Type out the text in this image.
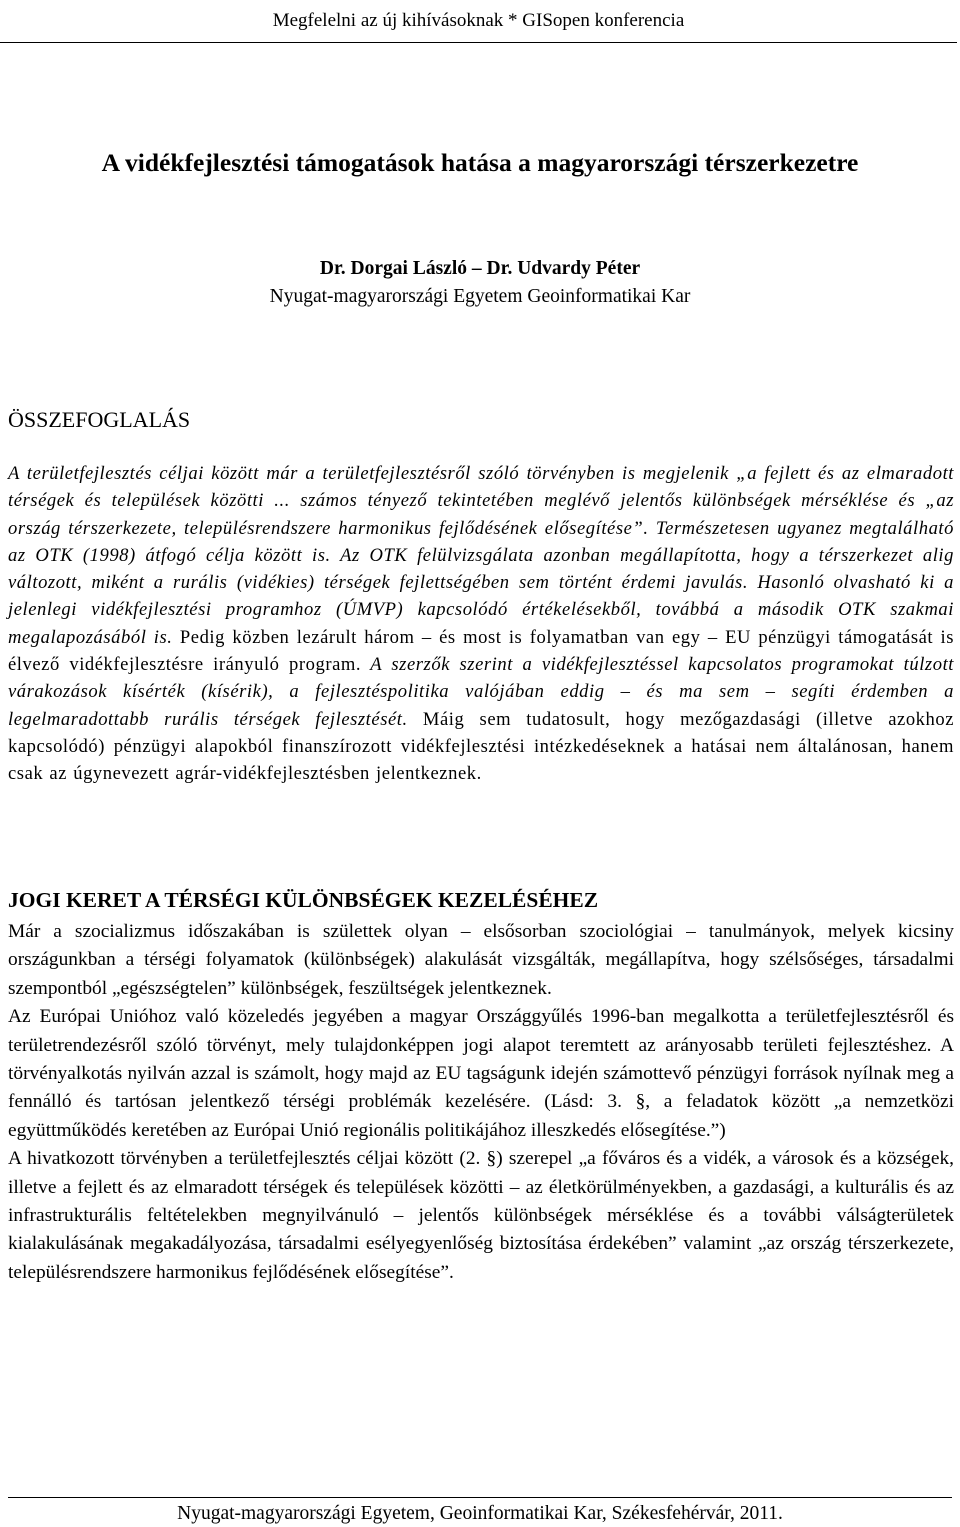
Megfelelni az új kihívásoknak * GISopen konferencia
A vidékfejlesztési támogatások hatása a magyarországi térszerkezetre
Dr. Dorgai László – Dr. Udvardy Péter
Nyugat-magyarországi Egyetem Geoinformatikai Kar
ÖSSZEFOGLALÁS

A területfejlesztés céljai között már a területfejlesztésről szóló törvényben is megjelenik „a fejlett és az elmaradott térségek és települések közötti ... számos tényező tekintetében meglévő jelentős különbségek mérséklése és „az ország térszerkezete, településrendszere harmonikus fejlődésének elősegítése”. Természetesen ugyanez megtalálható az OTK (1998) átfogó célja között is. Az OTK felülvizsgálata azonban megállapította, hogy a térszerkezet alig változott, miként a rurális (vidékies) térségek fejlettségében sem történt érdemi javulás. Hasonló olvasható ki a jelenlegi vidékfejlesztési programhoz (ÚMVP) kapcsolódó értékelésekből, továbbá a második OTK szakmai megalapozásából is. Pedig közben lezárult három – és most is folyamatban van egy – EU pénzügyi támogatását is élvező vidékfejlesztésre irányuló program. A szerzők szerint a vidékfejlesztéssel kapcsolatos programokat túlzott várakozások kísérték (kísérik), a fejlesztéspolitika valójában eddig – és ma sem – segíti érdemben a legelmaradottabb rurális térségek fejlesztését. Máig sem tudatosult, hogy mezőgazdasági (illetve azokhoz kapcsolódó) pénzügyi alapokból finanszírozott vidékfejlesztési intézkedéseknek a hatásai nem általánosan, hanem csak az úgynevezett agrár-vidékfejlesztésben jelentkeznek.

JOGI KERET A TÉRSÉGI KÜLÖNBSÉGEK KEZELÉSÉHEZ

Már a szocializmus időszakában is születtek olyan – elsősorban szociológiai – tanulmányok, melyek kicsiny országunkban a térségi folyamatok (különbségek) alakulását vizsgálták, megállapítva, hogy szélsőséges, társadalmi szempontból „egészségtelen” különbségek, feszültségek jelentkeznek.

Az Európai Unióhoz való közeledés jegyében a magyar Országgyűlés 1996-ban megalkotta a területfejlesztésről és területrendezésről szóló törvényt, mely tulajdonképpen jogi alapot teremtett az arányosabb területi fejlesztéshez. A törvényalkotás nyilván azzal is számolt, hogy majd az EU tagságunk idején számottevő pénzügyi források nyílnak meg a fennálló és tartósan jelentkező térségi problémák kezelésére. (Lásd: 3. §, a feladatok között „a nemzetközi együttműködés keretében az Európai Unió regionális politikájához illeszkedés elősegítése.”)

A hivatkozott törvényben a területfejlesztés céljai között (2. §) szerepel „a főváros és a vidék, a városok és a községek, illetve a fejlett és az elmaradott térségek és települések közötti – az életkörülményekben, a gazdasági, a kulturális és az infrastrukturális feltételekben megnyilvánuló – jelentős különbségek mérséklése és a további válságterületek kialakulásának megakadályozása, társadalmi esélyegyenlőség biztosítása érdekében” valamint „az ország térszerkezete, településrendszere harmonikus fejlődésének elősegítése”.

Nyugat-magyarországi Egyetem, Geoinformatikai Kar, Székesfehérvár, 2011.
